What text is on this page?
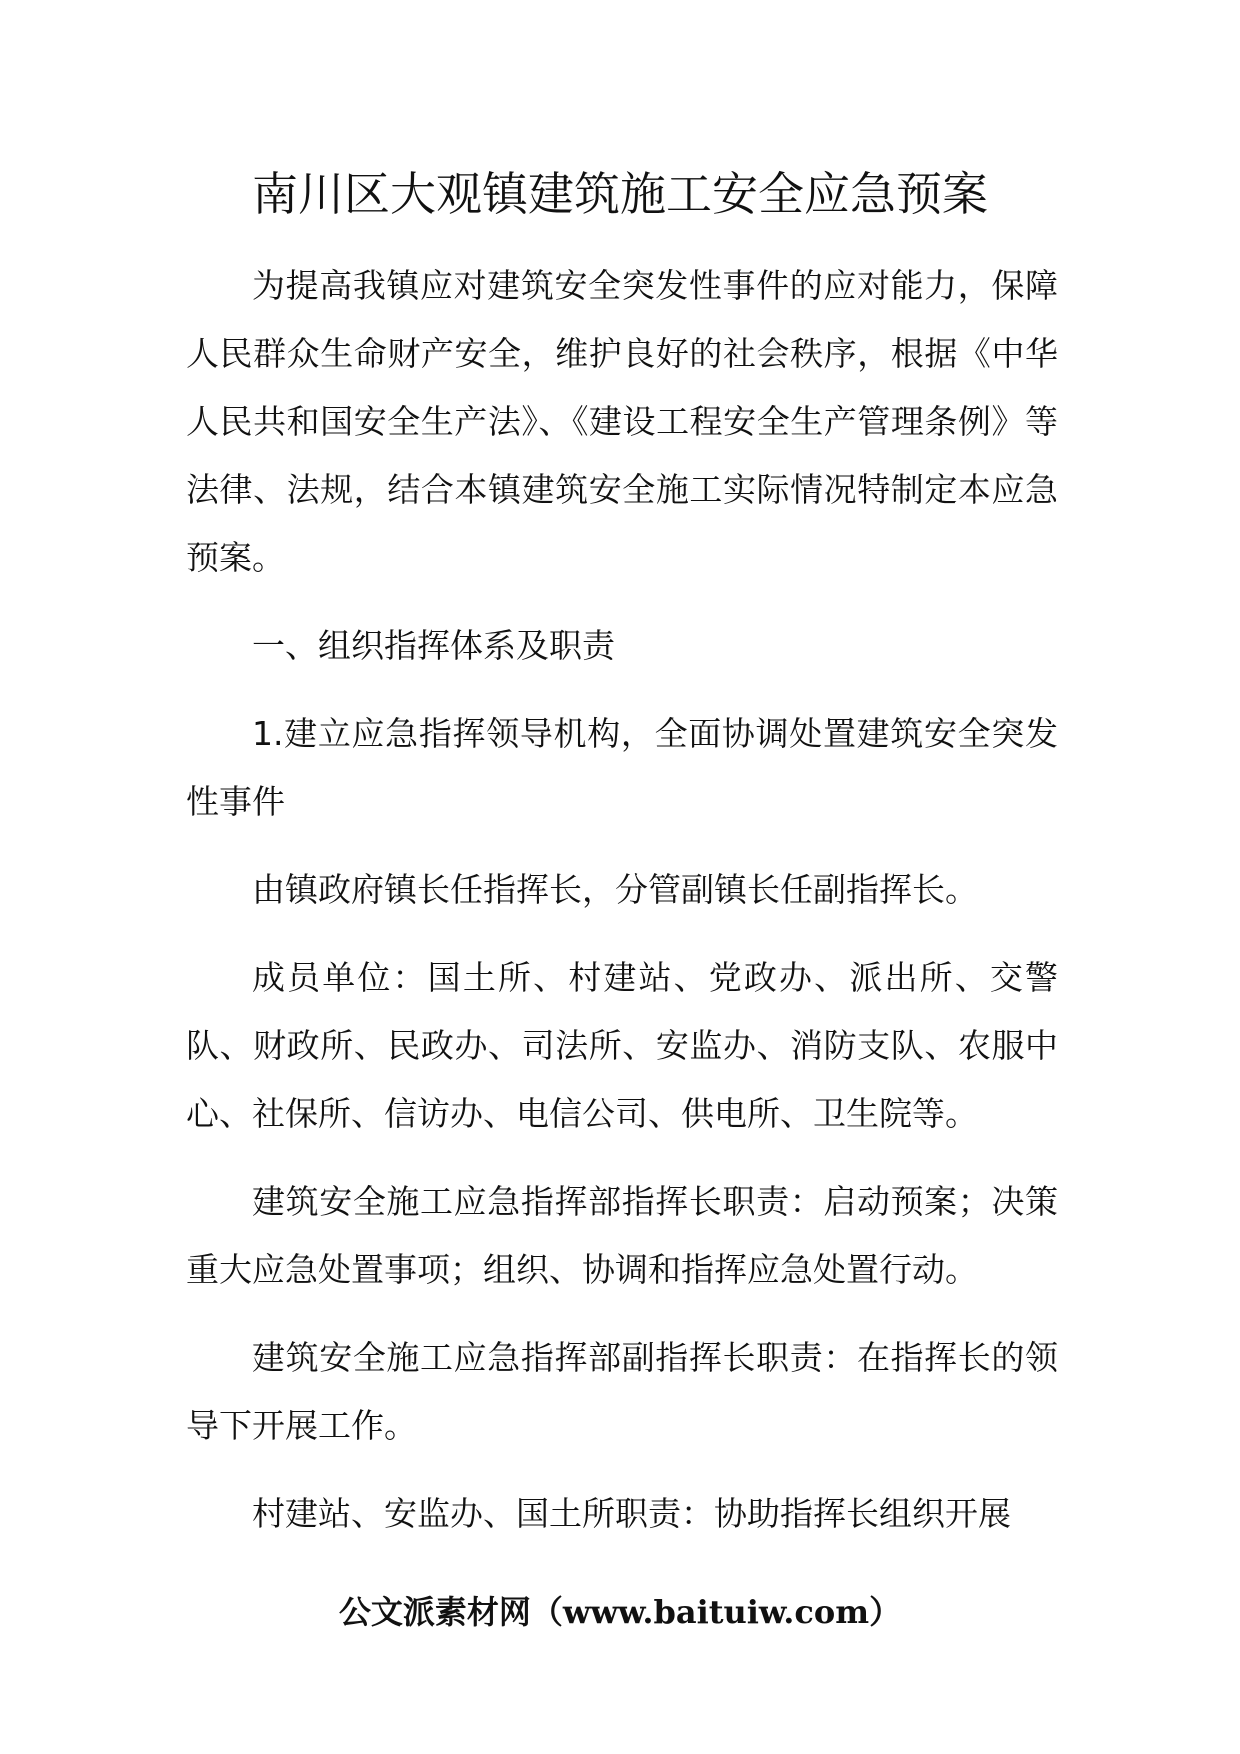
南川区大观镇建筑施工安全应急预案

为提高我镇应对建筑安全突发性事件的应对能力，保障人民群众生命财产安全，维护良好的社会秩序，根据《中华人民共和国安全生产法》、《建设工程安全生产管理条例》等法律、法规，结合本镇建筑安全施工实际情况特制定本应急预案。

一、组织指挥体系及职责

1.建立应急指挥领导机构，全面协调处置建筑安全突发性事件

由镇政府镇长任指挥长，分管副镇长任副指挥长。

成员单位：国土所、村建站、党政办、派出所、交警队、财政所、民政办、司法所、安监办、消防支队、农服中心、社保所、信访办、电信公司、供电所、卫生院等。

建筑安全施工应急指挥部指挥长职责：启动预案；决策重大应急处置事项；组织、协调和指挥应急处置行动。

建筑安全施工应急指挥部副指挥长职责：在指挥长的领导下开展工作。

村建站、安监办、国土所职责：协助指挥长组织开展

公文派素材网（www.baituiw.com）
